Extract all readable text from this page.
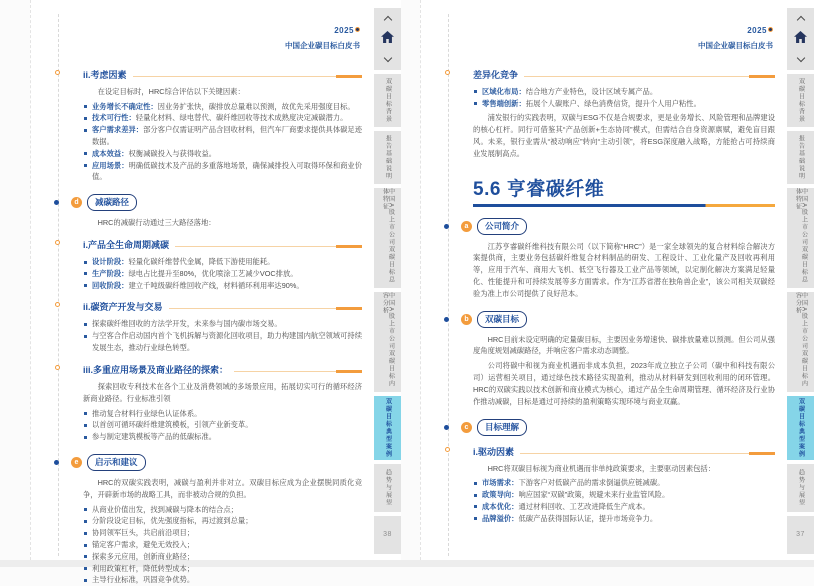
2025
中国企业碳目标白皮书
ii.考虑因素

在设定目标时，HRC综合评估以下关键因素：

业务增长不确定性：因业务扩张快，碳排放总量难以预测，故优先采用强度目标。
技术可行性：轻量化材料、绿电替代、碳纤维回收等技术成熟度决定减碳潜力。
客户需求差异：部分客户仅需证明产品含回收材料，但汽车厂商要求提供具体碳足迹数据。
成本效益：权衡减碳投入与获得收益。
应用场景：明确低碳技术及产品的多重落地场景，确保减排投入可取得环保和商业价值。
d	减碳路径

HRC的减碳行动通过三大路径落地：

i.产品全生命周期减碳
设计阶段：轻量化碳纤维替代金属，降低下游使用能耗。
生产阶段：绿电占比提升至80%，优化喷涂工艺减少VOC排放。
回收阶段：建立千吨级碳纤维回收产线，材料循环利用率达90%。
ii.碳资产开发与交易
探索碳纤维回收的方法学开发，未来参与国内碳市场交易。
与空客合作启动国内首个飞机拆解与资源化回收项目，助力构建国内航空领域可持续发展生态，推动行业绿色转型。
iii.多重应用场景及商业路径的探索：

探索回收专利技术在各个工业及消费领域的多场景应用，拓展切实可行的循环经济新商业路径。行业标准引领

推动复合材料行业绿色认证体系。
以首创可循环碳纤维建筑模板，引领产业新变革。
参与制定建筑模板等产品的低碳标准。
e	启示和建议

HRC的双碳实践表明，减碳与盈利并非对立。双碳目标应成为企业摆脱同质化竞争，开辟新市场的战略工具，而非被动合规的负担。

从商业价值出发，找到减碳与降本的结合点；
分阶段设定目标，优先强度指标，再过渡到总量；
协同领军巨头，共启前沿项目；
锚定客户需求，避免无效投入；
探索多元应用，创新商业路径；
利用政策杠杆，降低转型成本；
主导行业标准，巩固竞争优势。
双碳目标背景
报告基础说明
中国A股上市公司双碳目标总体特征
中国A股上市公司双碳目标内容分析
双碳目标典型案例
趋势与展望
38
2025
中国企业碳目标白皮书
差异化竞争
区域化布局：结合地方产业特色，设计区域专属产品。
零售端创新：拓展个人碳账户、绿色消费信贷，提升个人用户粘性。

浦发银行的实践表明，双碳与ESG不仅是合规要求，更是业务增长、风险管理和品牌建设的核心杠杆。同行可借鉴其“产品创新+生态协同”模式，但需结合自身资源禀赋，避免盲目跟风。未来，银行业需从“被动响应”转向“主动引领”，将ESG深度融入战略，方能抢占可持续商业发展制高点。

5.6 亨睿碳纤维
a	公司简介

江苏亨睿碳纤维科技有限公司（以下简称“HRC”）是一家全球领先的复合材料综合解决方案提供商，主要业务包括碳纤维复合材料制品的研发、工程设计、工业化量产及回收再利用等，应用于汽车、商用大飞机、低空飞行器及工业产品等领域，以定制化解决方案满足轻量化、性能提升和可持续发展等多方面需求。作为“江苏省潜在独角兽企业”，该公司相关双碳经验为准上市公司提供了良好范本。

b	双碳目标

HRC目前未设定明确的定量碳目标，主要因业务增速快、碳排放量难以预测。但公司从强度角度规划减碳路径，并响应客户需求动态调整。

公司将碳中和视为商业机遇而非成本负担，2023年成立独立子公司（碳中和科技有限公司）运营相关项目，通过绿色技术路径实现盈利，推动从材料研发到回收利用的闭环管理。HRC的双碳实践以技术创新和商业模式为核心，通过产品全生命周期管理、循环经济及行业协作推动减碳，目标是通过可持续的盈利策略实现环境与商业双赢。

c	目标理解
i.驱动因素

HRC将双碳目标视为商业机遇而非单纯政策要求，主要驱动因素包括：

市场需求：下游客户对低碳产品的需求倒逼供应链减碳。
政策导向：响应国家“双碳”政策，规避未来行业监管风险。
成本优化：通过材料回收、工艺改进降低生产成本。
品牌溢价：低碳产品获得国际认证，提升市场竞争力。
双碳目标背景
报告基础说明
中国A股上市公司双碳目标总体特征
中国A股上市公司双碳目标内容分析
双碳目标典型案例
趋势与展望
37
